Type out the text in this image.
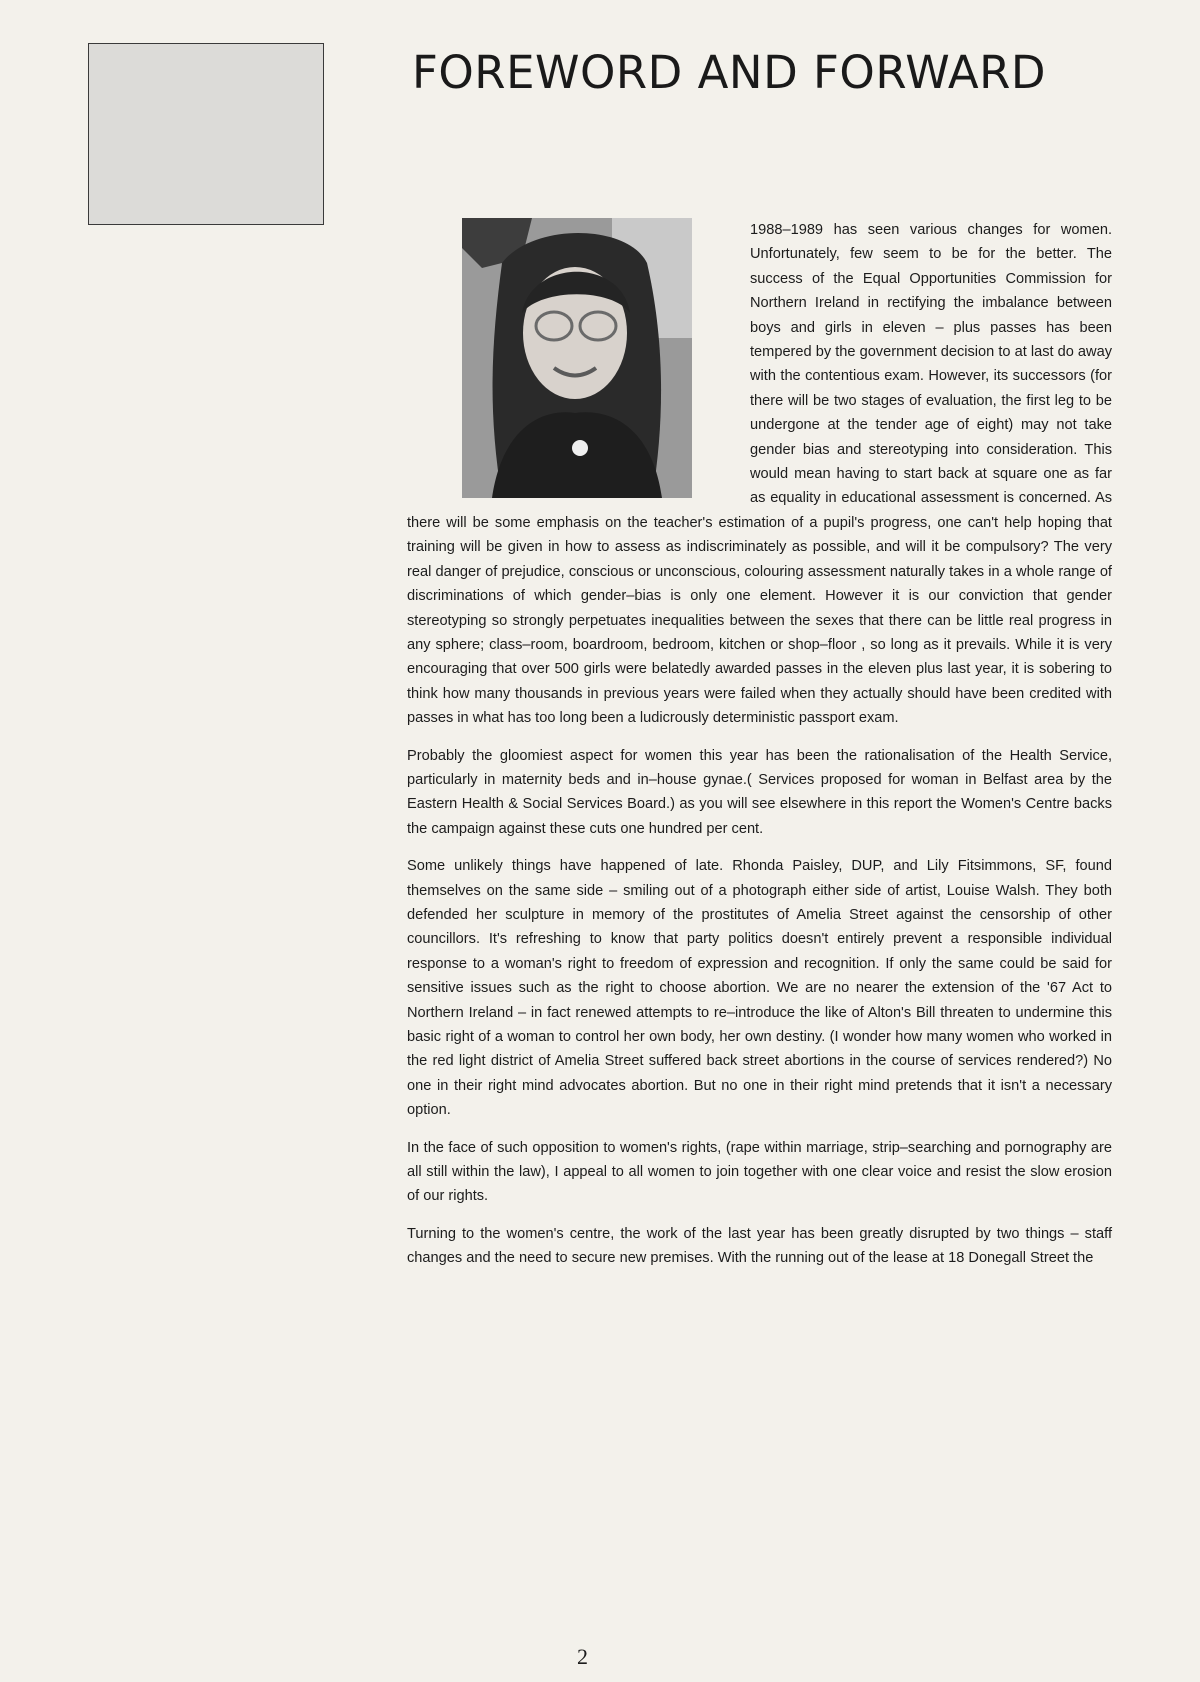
FOREWORD AND FORWARD

1988–1989 has seen various changes for women. Unfortunately, few seem to be for the better. The success of the Equal Opportunities Commission for Northern Ireland in rectifying the imbalance between boys and girls in eleven – plus passes has been tempered by the government decision to at last do away with the contentious exam. However, its successors (for there will be two stages of evaluation, the first leg to be undergone at the tender age of eight) may not take gender bias and stereotyping into consideration. This would mean having to start back at square one as far as equality in educational assessment is concerned. As there will be some emphasis on the teacher's estimation of a pupil's progress, one can't help hoping that training will be given in how to assess as indiscriminately as possible, and will it be compulsory? The very real danger of prejudice, conscious or unconscious, colouring assessment naturally takes in a whole range of discriminations of which gender–bias is only one element. However it is our conviction that gender stereotyping so strongly perpetuates inequalities between the sexes that there can be little real progress in any sphere; class–room, boardroom, bedroom, kitchen or shop–floor , so long as it prevails. While it is very encouraging that over 500 girls were belatedly awarded passes in the eleven plus last year, it is sobering to think how many thousands in previous years were failed when they actually should have been credited with passes in what has too long been a ludicrously deterministic passport exam.

Probably the gloomiest aspect for women this year has been the rationalisation of the Health Service, particularly in maternity beds and in–house gynae.( Services proposed for woman in Belfast area by the Eastern Health & Social Services Board.) as you will see elsewhere in this report the Women's Centre backs the campaign against these cuts one hundred per cent.

Some unlikely things have happened of late. Rhonda Paisley, DUP, and Lily Fitsimmons, SF, found themselves on the same side – smiling out of a photograph either side of artist, Louise Walsh. They both defended her sculpture in memory of the prostitutes of Amelia Street against the censorship of other councillors. It's refreshing to know that party politics doesn't entirely prevent a responsible individual response to a woman's right to freedom of expression and recognition. If only the same could be said for sensitive issues such as the right to choose abortion. We are no nearer the extension of the '67 Act to Northern Ireland – in fact renewed attempts to re–introduce the like of Alton's Bill threaten to undermine this basic right of a woman to control her own body, her own destiny. (I wonder how many women who worked in the red light district of Amelia Street suffered back street abortions in the course of services rendered?) No one in their right mind advocates abortion. But no one in their right mind pretends that it isn't a necessary option.

In the face of such opposition to women's rights, (rape within marriage, strip–searching and pornography are all still within the law), I appeal to all women to join together with one clear voice and resist the slow erosion of our rights.

Turning to the women's centre, the work of the last year has been greatly disrupted by two things – staff changes and the need to secure new premises. With the running out of the lease at 18 Donegall Street the

2
